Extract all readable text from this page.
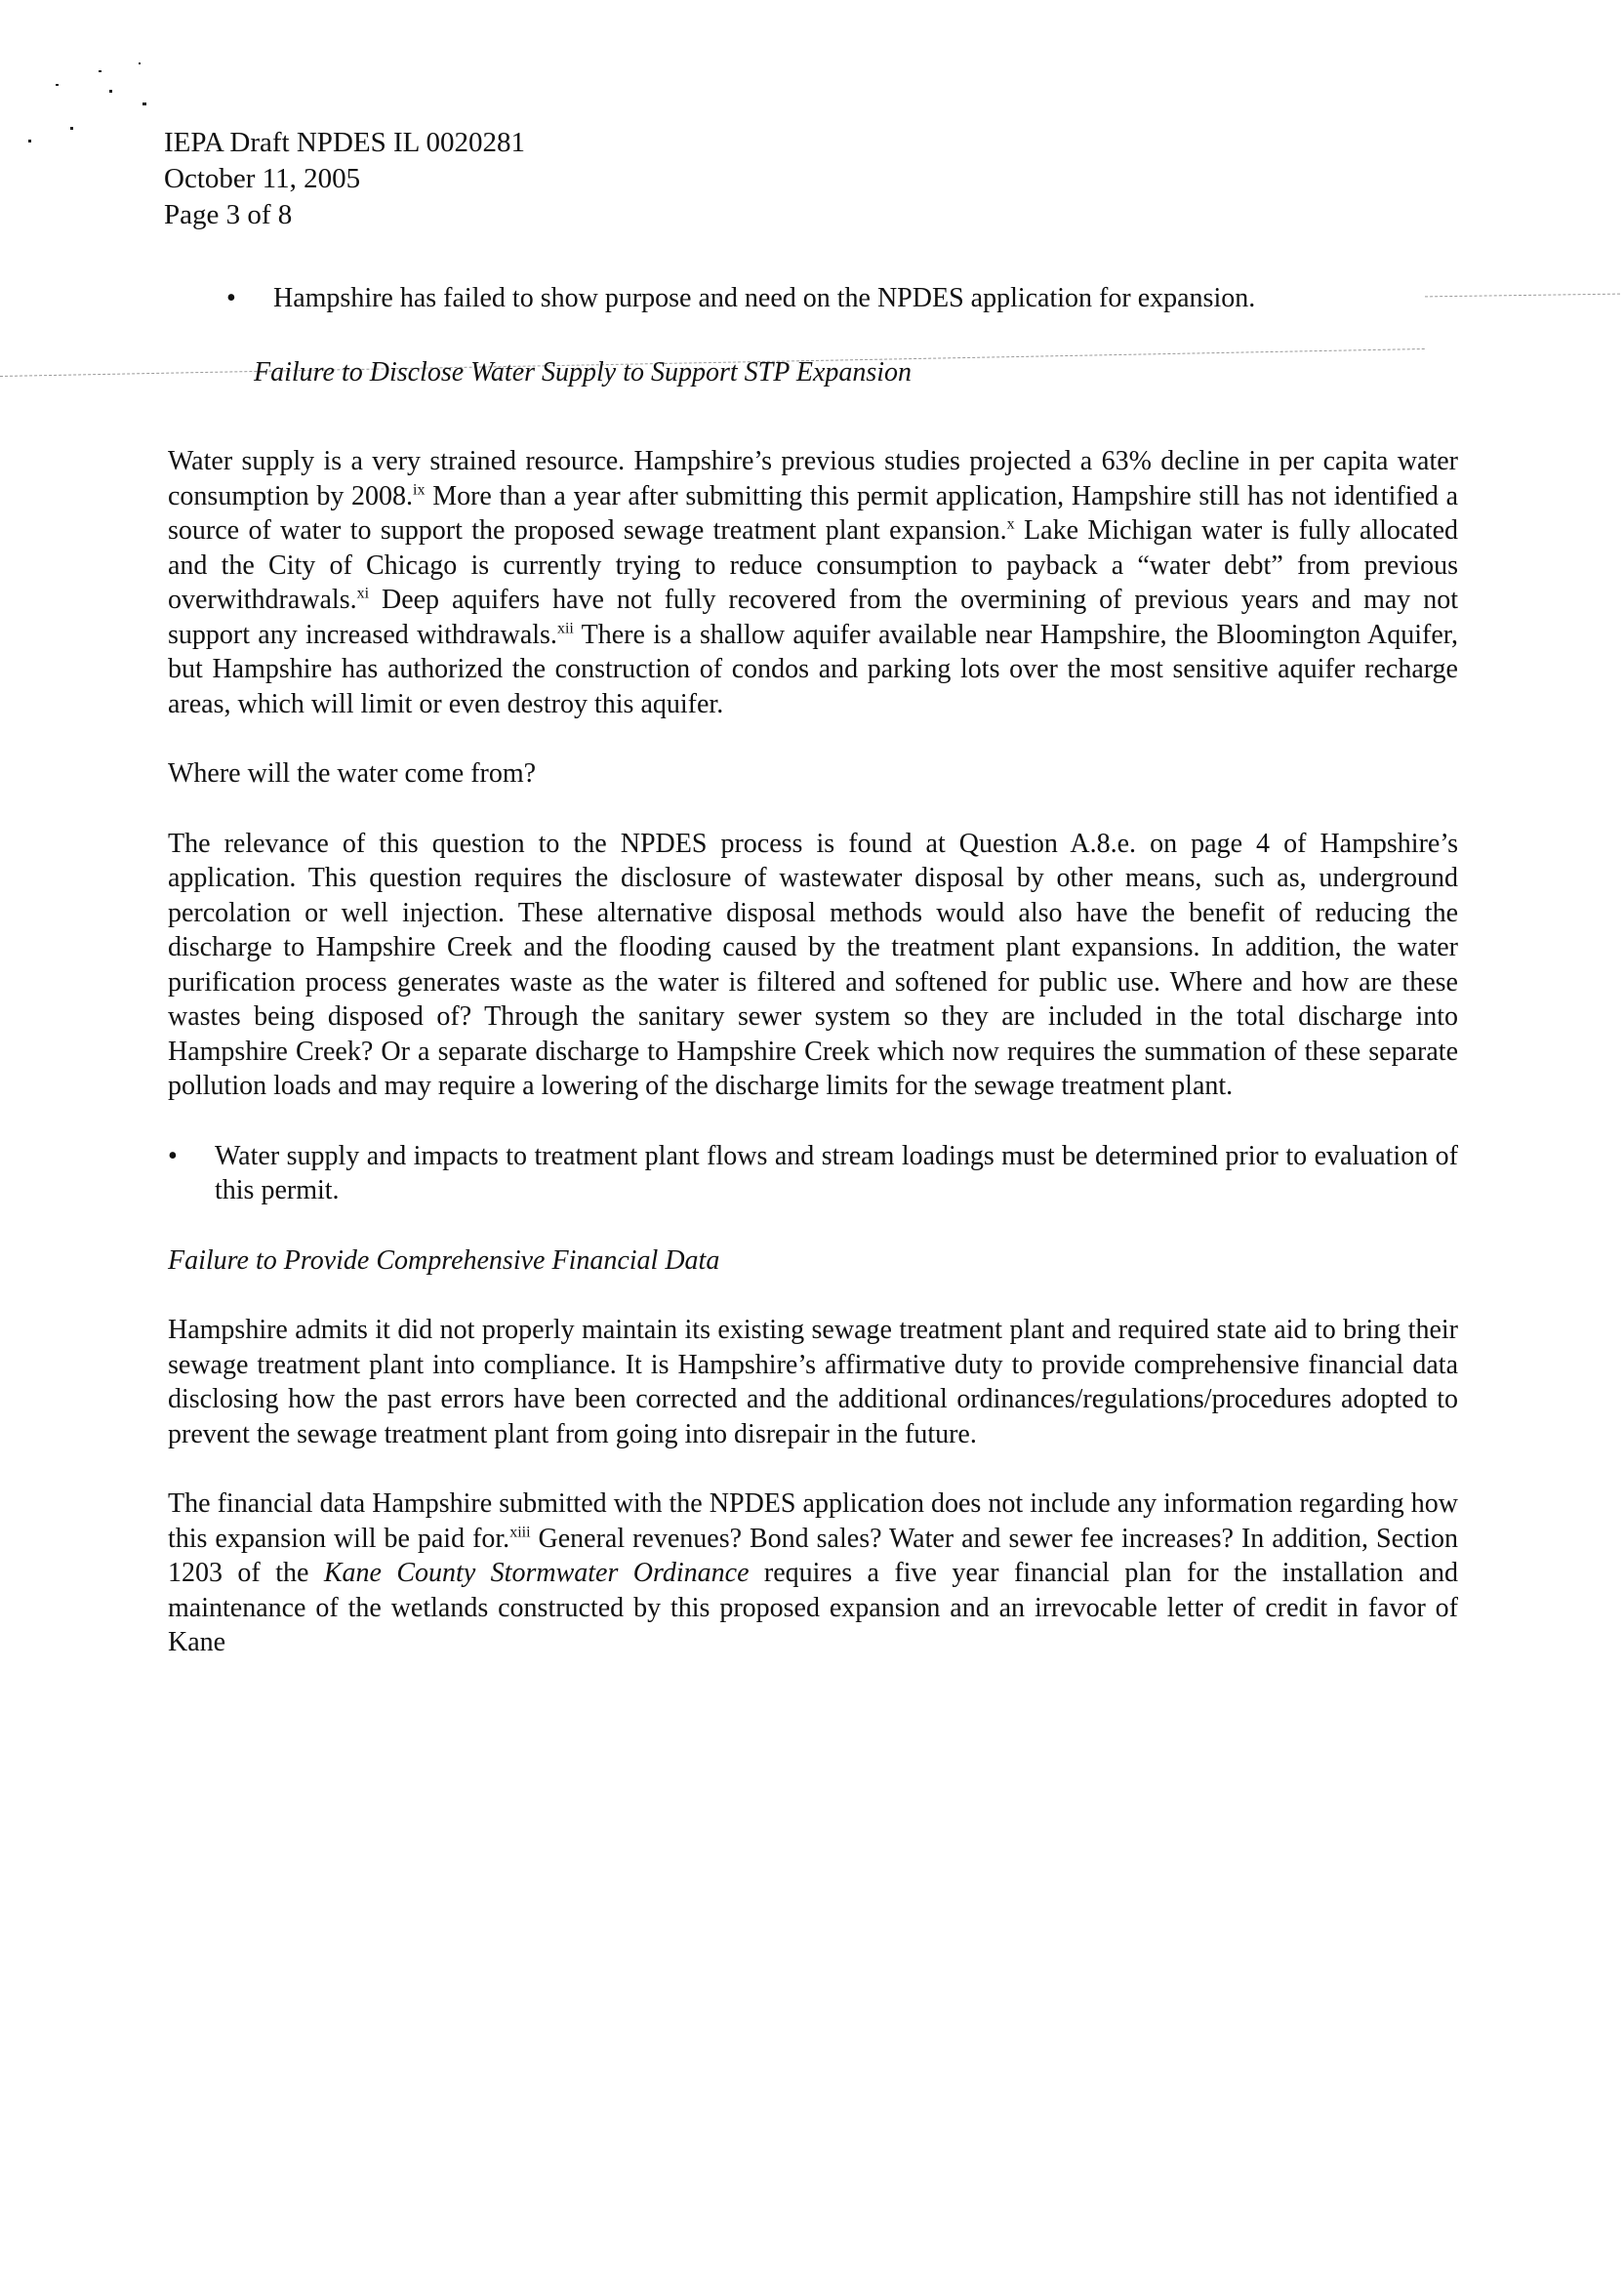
IEPA Draft NPDES IL 0020281
October 11, 2005
Page 3 of 8
• Hampshire has failed to show purpose and need on the NPDES application for expansion.
Failure to Disclose Water Supply to Support STP Expansion

Water supply is a very strained resource. Hampshire’s previous studies projected a 63% decline in per capita water consumption by 2008.$^{ix}$ More than a year after submitting this permit application, Hampshire still has not identified a source of water to support the proposed sewage treatment plant expansion.$^x$ Lake Michigan water is fully allocated and the City of Chicago is currently trying to reduce consumption to payback a “water debt” from previous overwithdrawals.$^{xi}$ Deep aquifers have not fully recovered from the overmining of previous years and may not support any increased withdrawals.$^{xii}$ There is a shallow aquifer available near Hampshire, the Bloomington Aquifer, but Hampshire has authorized the construction of condos and parking lots over the most sensitive aquifer recharge areas, which will limit or even destroy this aquifer.

Where will the water come from?

The relevance of this question to the NPDES process is found at Question A.8.e. on page 4 of Hampshire’s application. This question requires the disclosure of wastewater disposal by other means, such as, underground percolation or well injection. These alternative disposal methods would also have the benefit of reducing the discharge to Hampshire Creek and the flooding caused by the treatment plant expansions. In addition, the water purification process generates waste as the water is filtered and softened for public use. Where and how are these wastes being disposed of? Through the sanitary sewer system so they are included in the total discharge into Hampshire Creek? Or a separate discharge to Hampshire Creek which now requires the summation of these separate pollution loads and may require a lowering of the discharge limits for the sewage treatment plant.

• Water supply and impacts to treatment plant flows and stream loadings must be determined prior to evaluation of this permit.
Failure to Provide Comprehensive Financial Data

Hampshire admits it did not properly maintain its existing sewage treatment plant and required state aid to bring their sewage treatment plant into compliance. It is Hampshire’s affirmative duty to provide comprehensive financial data disclosing how the past errors have been corrected and the additional ordinances/regulations/procedures adopted to prevent the sewage treatment plant from going into disrepair in the future.

The financial data Hampshire submitted with the NPDES application does not include any information regarding how this expansion will be paid for.$^{xiii}$ General revenues? Bond sales? Water and sewer fee increases? In addition, Section 1203 of the Kane County Stormwater Ordinance requires a five year financial plan for the installation and maintenance of the wetlands constructed by this proposed expansion and an irrevocable letter of credit in favor of Kane
